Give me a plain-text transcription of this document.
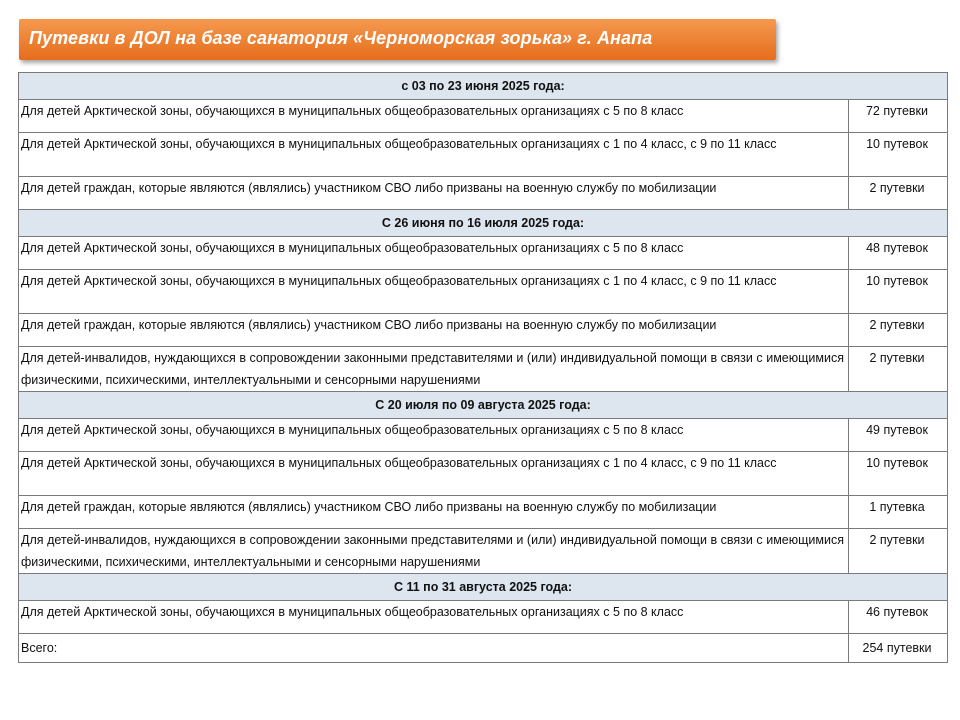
Путевки в ДОЛ на базе санатория «Черноморская зорька» г. Анапа
с 03 по 23 июня 2025 года:	
Для детей Арктической зоны, обучающихся в муниципальных общеобразовательных организациях с 5 по 8 класс	72 путевки
Для детей Арктической зоны, обучающихся в муниципальных общеобразовательных организациях с 1 по 4 класс, с 9 по 11 класс	10 путевок
Для детей граждан, которые являются (являлись) участником СВО либо призваны на военную службу по мобилизации	2 путевки
С 26 июня по 16 июля 2025 года:	
Для детей Арктической зоны, обучающихся в муниципальных общеобразовательных организациях с 5 по 8 класс	48 путевок
Для детей Арктической зоны, обучающихся в муниципальных общеобразовательных организациях с 1 по 4 класс, с 9 по 11 класс	10 путевок
Для детей граждан, которые являются (являлись) участником СВО либо призваны на военную службу по мобилизации	2 путевки
Для детей-инвалидов, нуждающихся в сопровождении законными представителями и (или) индивидуальной помощи в связи с имеющимися физическими, психическими, интеллектуальными и сенсорными нарушениями	2 путевки
С 20 июля по 09 августа 2025 года:	
Для детей Арктической зоны, обучающихся в муниципальных общеобразовательных организациях с 5 по 8 класс	49 путевок
Для детей Арктической зоны, обучающихся в муниципальных общеобразовательных организациях с 1 по 4 класс, с 9 по 11 класс	10 путевок
Для детей граждан, которые являются (являлись) участником СВО либо призваны на военную службу по мобилизации	1 путевка
Для детей-инвалидов, нуждающихся в сопровождении законными представителями и (или) индивидуальной помощи в связи с имеющимися физическими, психическими, интеллектуальными и сенсорными нарушениями	2 путевки
С 11 по 31 августа 2025 года:	
Для детей Арктической зоны, обучающихся в муниципальных общеобразовательных организациях с 5 по 8 класс	46 путевок
Всего:	254 путевки
